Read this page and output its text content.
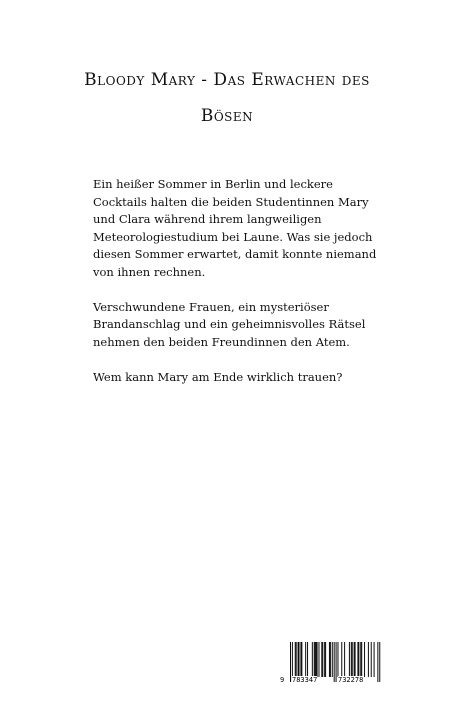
Bloody Mary - Das Erwachen des
Bösen

Ein heißer Sommer in Berlin und leckere Cocktails halten die beiden Studentinnen Mary und Clara während ihrem langweiligen Meteorologiestudium bei Laune. Was sie jedoch diesen Sommer erwartet, damit konnte niemand von ihnen rechnen.

Verschwundene Frauen, ein mysteriöser Brandanschlag und ein geheimnisvolles Rätsel nehmen den beiden Freundinnen den Atem.

Wem kann Mary am Ende wirklich trauen?

9 783347	732278
